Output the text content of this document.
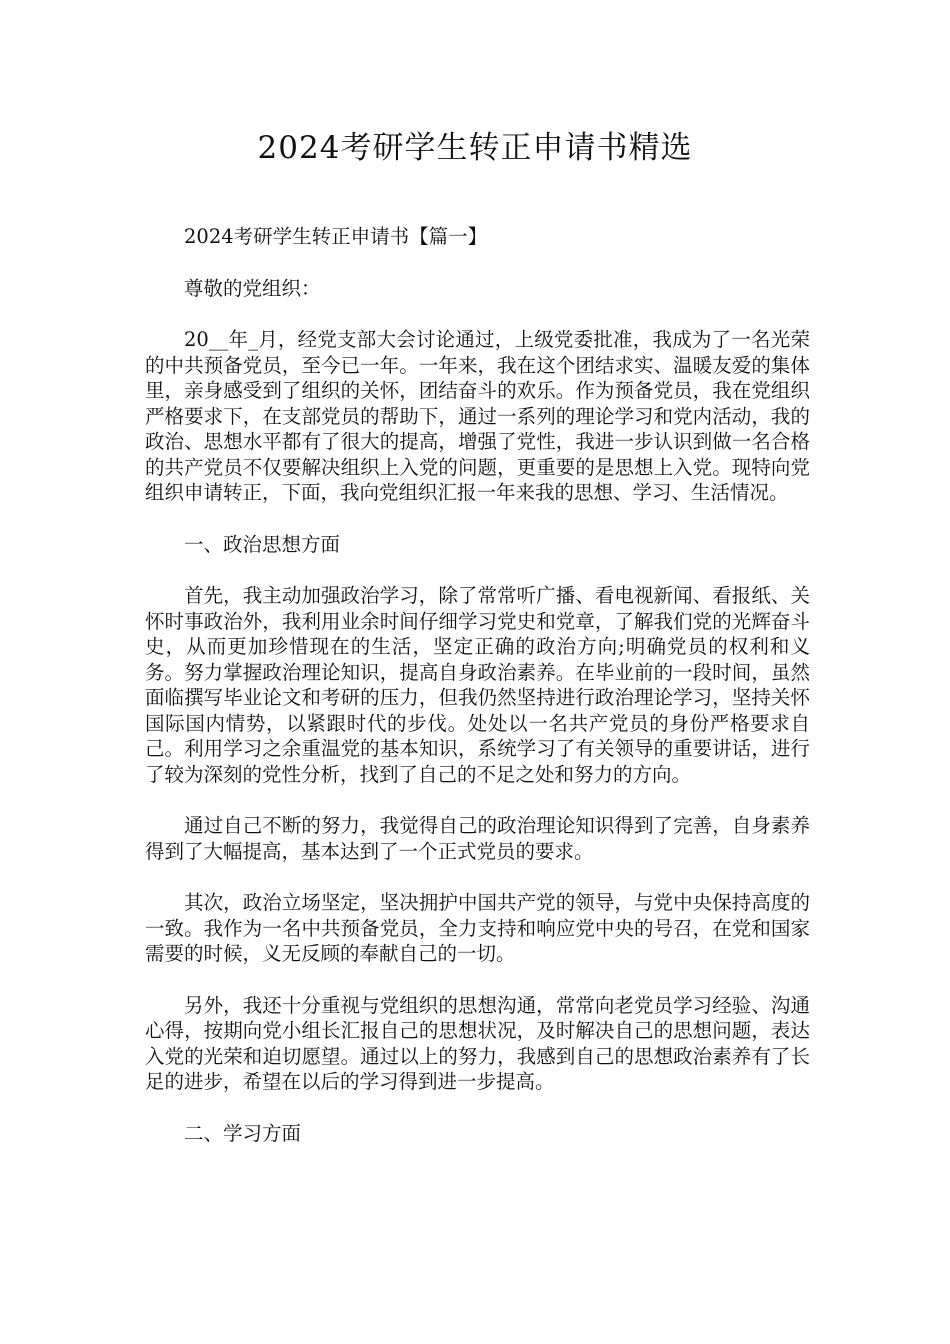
2024考研学生转正申请书精选

2024考研学生转正申请书【篇一】

尊敬的党组织：

20__年_月，经党支部大会讨论通过，上级党委批准，我成为了一名光荣的中共预备党员，至今已一年。一年来，我在这个团结求实、温暖友爱的集体里，亲身感受到了组织的关怀，团结奋斗的欢乐。作为预备党员，我在党组织严格要求下，在支部党员的帮助下，通过一系列的理论学习和党内活动，我的政治、思想水平都有了很大的提高，增强了党性，我进一步认识到做一名合格的共产党员不仅要解决组织上入党的问题，更重要的是思想上入党。现特向党组织申请转正，下面，我向党组织汇报一年来我的思想、学习、生活情况。

一、政治思想方面

首先，我主动加强政治学习，除了常常听广播、看电视新闻、看报纸、关怀时事政治外，我利用业余时间仔细学习党史和党章，了解我们党的光辉奋斗史，从而更加珍惜现在的生活，坚定正确的政治方向;明确党员的权利和义务。努力掌握政治理论知识，提高自身政治素养。在毕业前的一段时间，虽然面临撰写毕业论文和考研的压力，但我仍然坚持进行政治理论学习，坚持关怀国际国内情势，以紧跟时代的步伐。处处以一名共产党员的身份严格要求自己。利用学习之余重温党的基本知识，系统学习了有关领导的重要讲话，进行了较为深刻的党性分析，找到了自己的不足之处和努力的方向。

通过自己不断的努力，我觉得自己的政治理论知识得到了完善，自身素养得到了大幅提高，基本达到了一个正式党员的要求。

其次，政治立场坚定，坚决拥护中国共产党的领导，与党中央保持高度的一致。我作为一名中共预备党员，全力支持和响应党中央的号召，在党和国家需要的时候，义无反顾的奉献自己的一切。

另外，我还十分重视与党组织的思想沟通，常常向老党员学习经验、沟通心得，按期向党小组长汇报自己的思想状况，及时解决自己的思想问题，表达入党的光荣和迫切愿望。通过以上的努力，我感到自己的思想政治素养有了长足的进步，希望在以后的学习得到进一步提高。

二、学习方面
